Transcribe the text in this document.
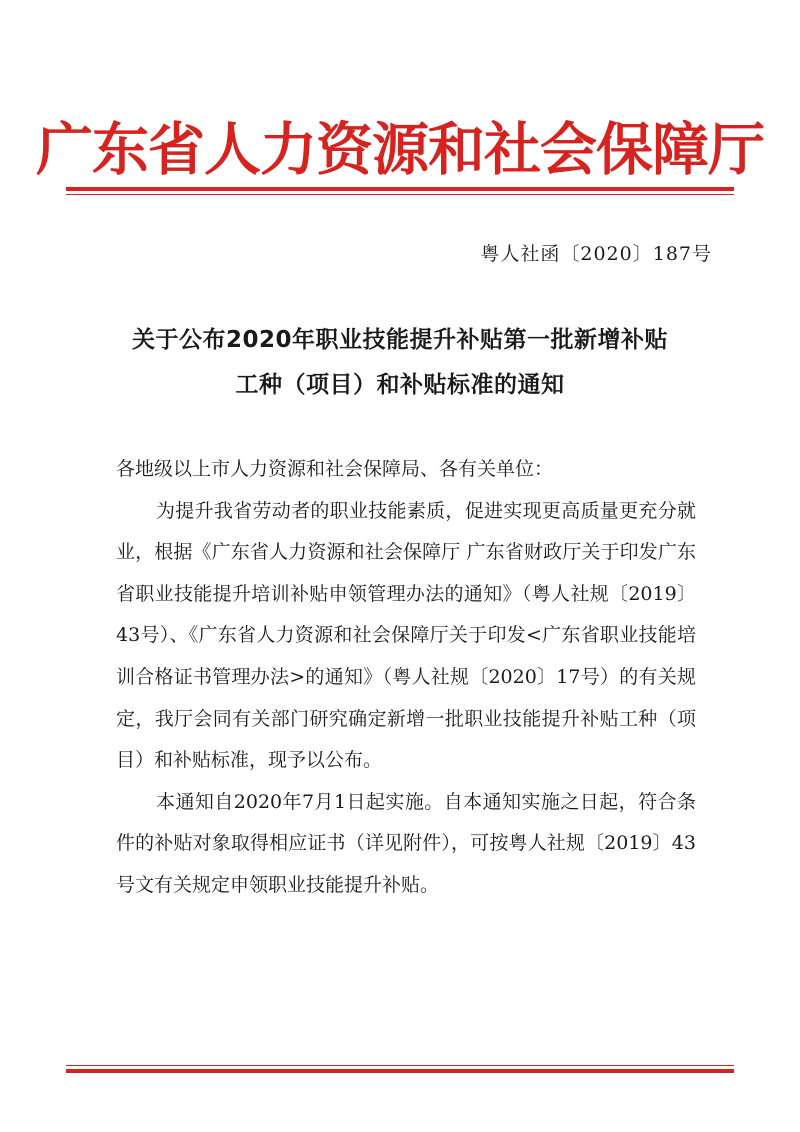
广东省人力资源和社会保障厅
粤人社函〔2020〕187号
关于公布2020年职业技能提升补贴第一批新增补贴
工种（项目）和补贴标准的通知

各地级以上市人力资源和社会保障局、各有关单位：

为提升我省劳动者的职业技能素质，促进实现更高质量更充分就业，根据《广东省人力资源和社会保障厅 广东省财政厅关于印发广东省职业技能提升培训补贴申领管理办法的通知》（粤人社规〔2019〕43号）、《广东省人力资源和社会保障厅关于印发<广东省职业技能培训合格证书管理办法>的通知》（粤人社规〔2020〕17号）的有关规定，我厅会同有关部门研究确定新增一批职业技能提升补贴工种（项目）和补贴标准，现予以公布。

本通知自2020年7月1日起实施。自本通知实施之日起，符合条件的补贴对象取得相应证书（详见附件），可按粤人社规〔2019〕43号文有关规定申领职业技能提升补贴。
